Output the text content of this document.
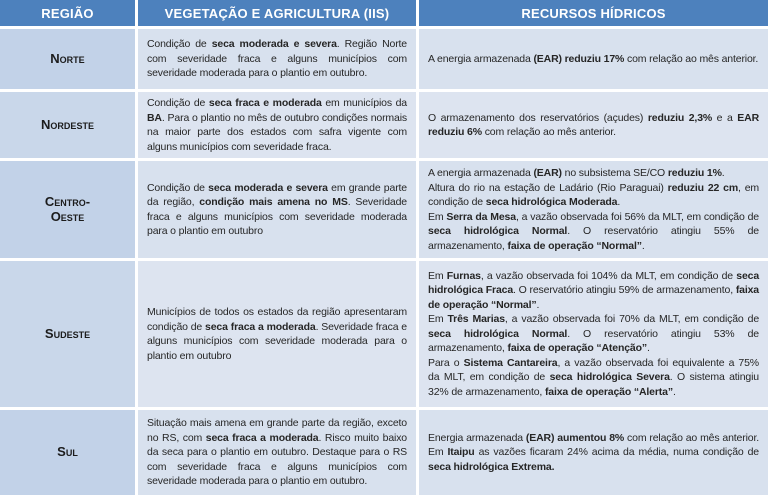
REGIÃO	VEGETAÇÃO E AGRICULTURA (IIS)	RECURSOS HÍDRICOS
Norte

Condição de seca moderada e severa. Região Norte com severidade fraca e alguns municípios com severidade moderada para o plantio em outubro.

A energia armazenada (EAR) reduziu 17% com relação ao mês anterior.

Nordeste

Condição de seca fraca e moderada em municípios da BA. Para o plantio no mês de outubro condições normais na maior parte dos estados com safra vigente com alguns municípios com severidade fraca.

O armazenamento dos reservatórios (açudes) reduziu 2,3% e a EAR reduziu 6% com relação ao mês anterior.

Centro-
Oeste

Condição de seca moderada e severa em grande parte da região, condição mais amena no MS. Severidade fraca e alguns municípios com severidade moderada para o plantio em outubro

A energia armazenada (EAR) no subsistema SE/CO reduziu 1%.

Altura do rio na estação de Ladário (Rio Paraguai) reduziu 22 cm, em condição de seca hidrológica Moderada.

Em Serra da Mesa, a vazão observada foi 56% da MLT, em condição de seca hidrológica Normal. O reservatório atingiu 55% de armazenamento, faixa de operação “Normal”.

Sudeste

Municípios de todos os estados da região apresentaram condição de seca fraca a moderada. Severidade fraca e alguns municípios com severidade moderada para o plantio em outubro

Em Furnas, a vazão observada foi 104% da MLT, em condição de seca hidrológica Fraca. O reservatório atingiu 59% de armazenamento, faixa de operação “Normal”.

Em Três Marias, a vazão observada foi 70% da MLT, em condição de seca hidrológica Normal. O reservatório atingiu 53% de armazenamento, faixa de operação “Atenção”.

Para o Sistema Cantareira, a vazão observada foi equivalente a 75% da MLT, em condição de seca hidrológica Severa. O sistema atingiu 32% de armazenamento, faixa de operação “Alerta”.

Sul

Situação mais amena em grande parte da região, exceto no RS, com seca fraca a moderada. Risco muito baixo da seca para o plantio em outubro. Destaque para o RS com severidade fraca e alguns municípios com severidade moderada para o plantio em outubro.

Energia armazenada (EAR) aumentou 8% com relação ao mês anterior. Em Itaipu as vazões ficaram 24% acima da média, numa condição de seca hidrológica Extrema.
